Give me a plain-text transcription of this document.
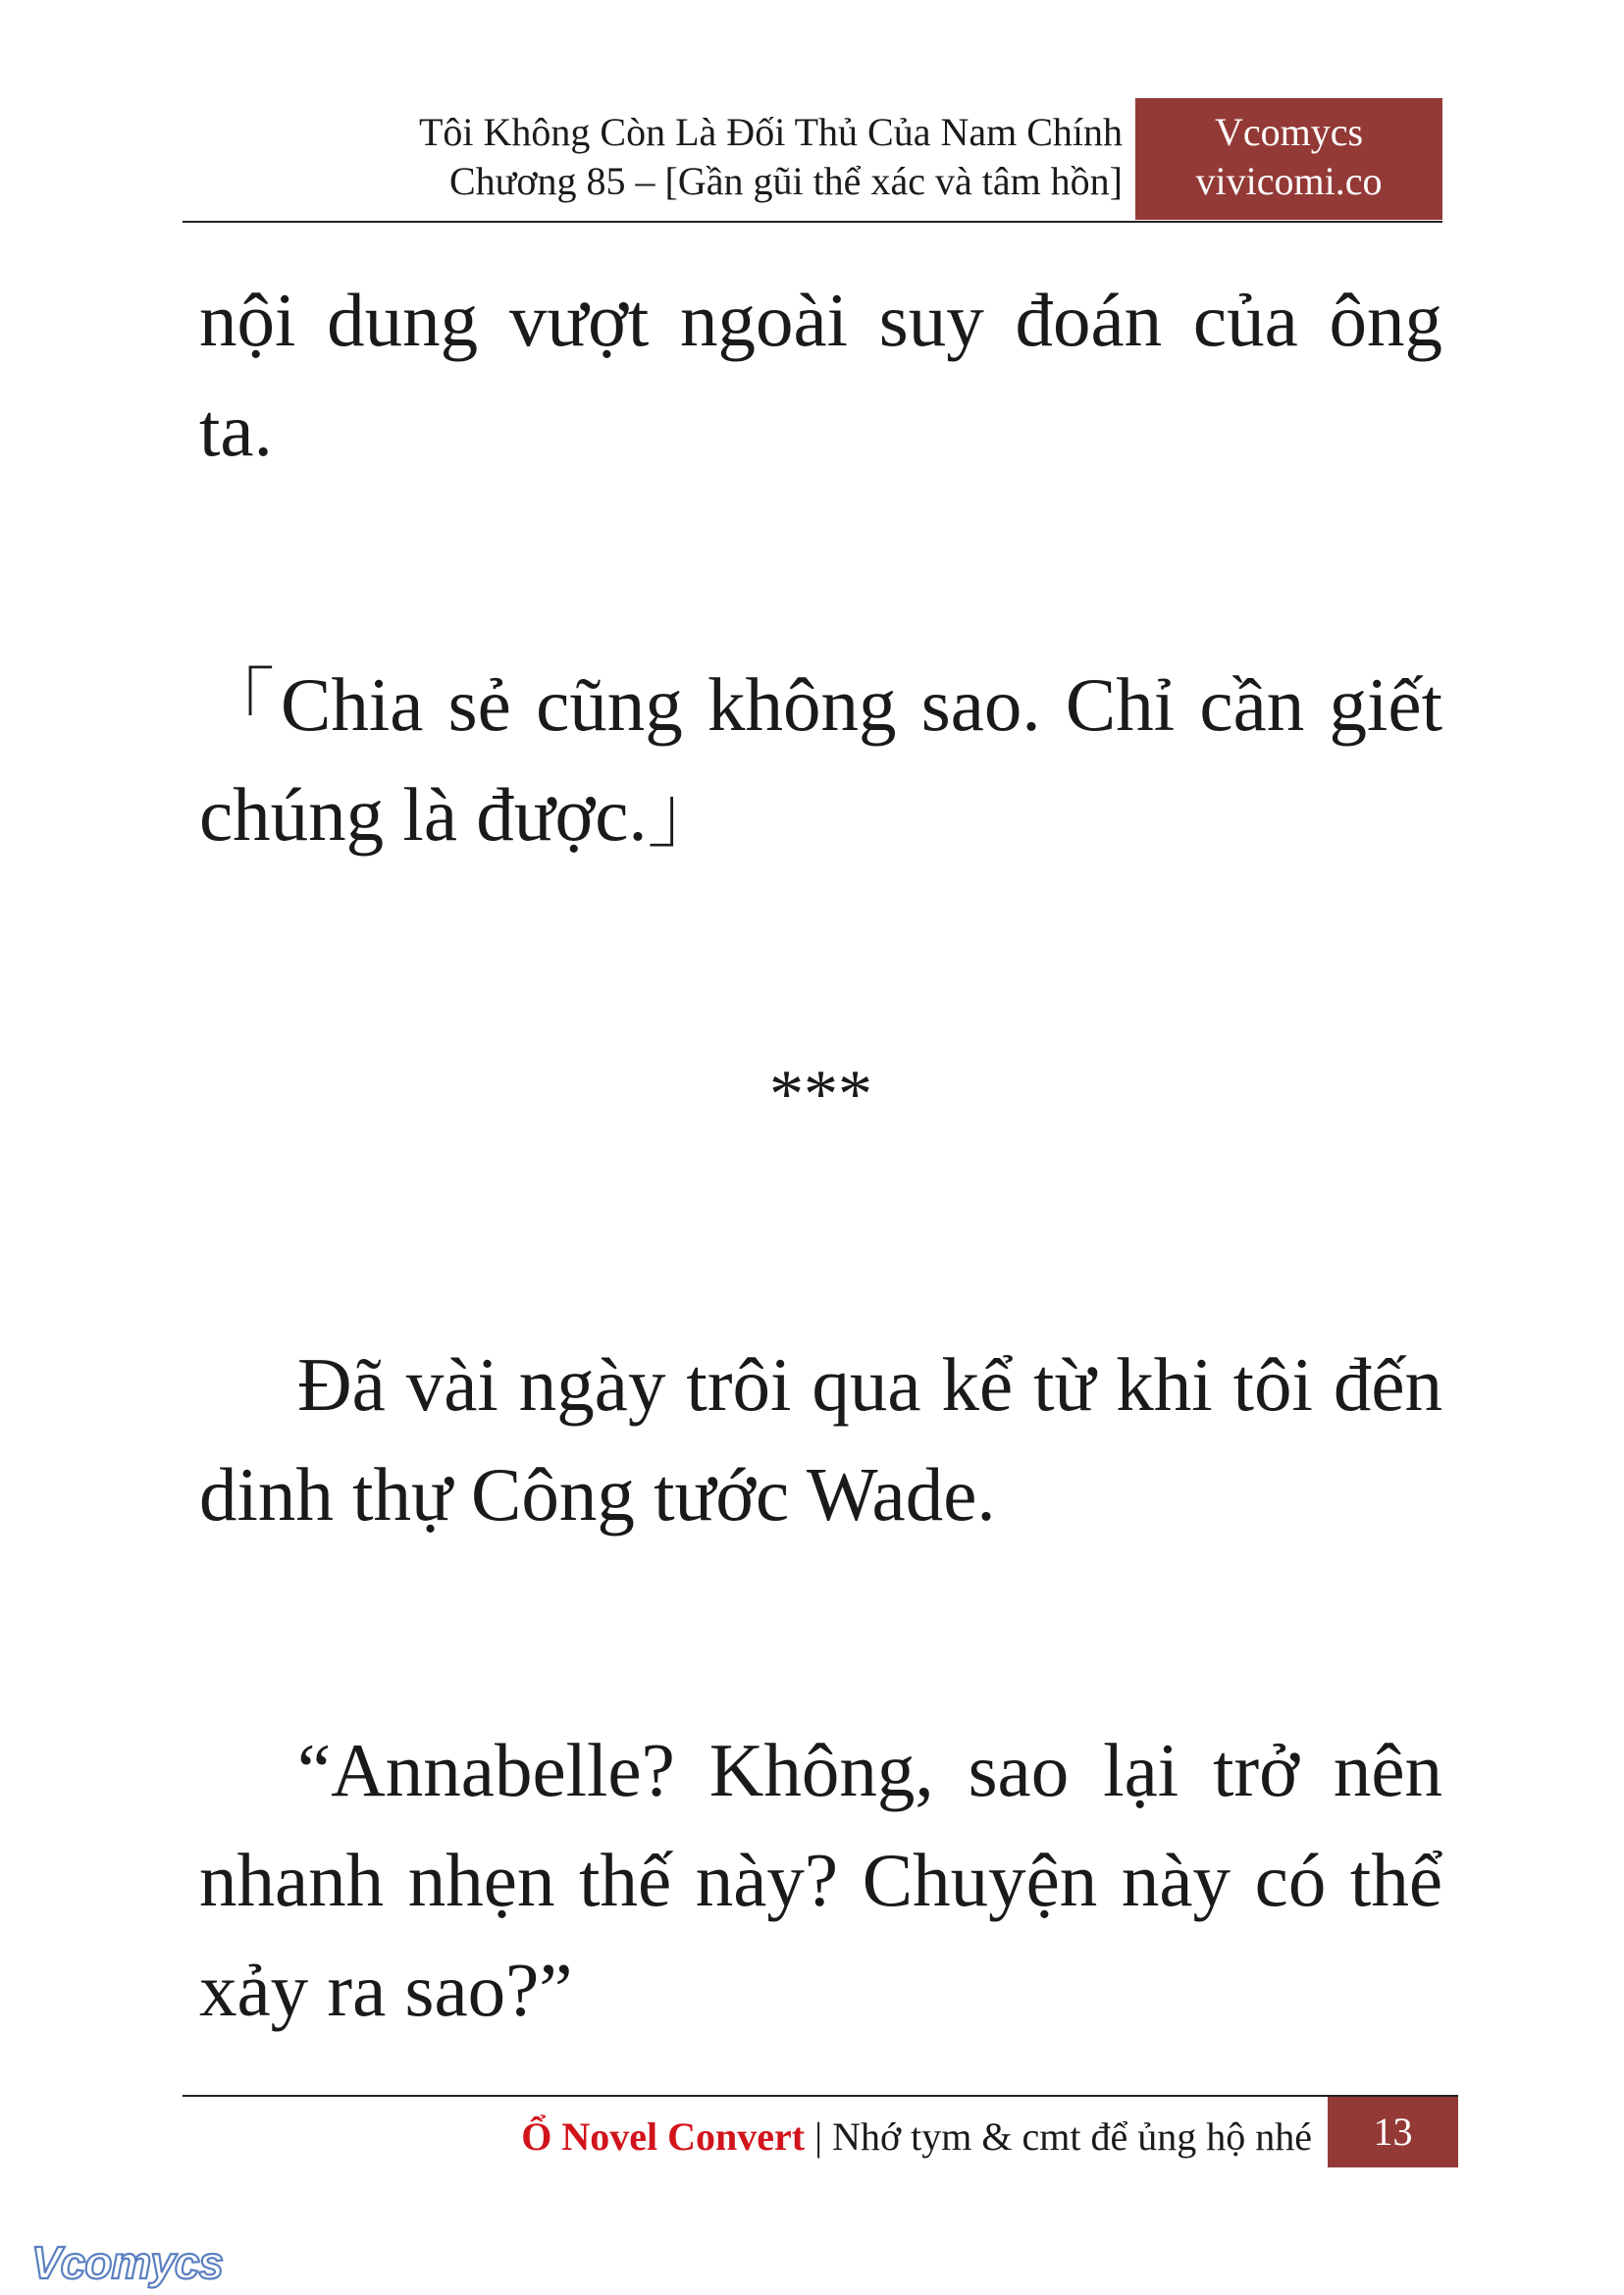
Tôi Không Còn Là Đối Thủ Của Nam Chính
Chương 85 – [Gần gũi thể xác và tâm hồn]
Vcomycs
vivicomi.co

nội dung vượt ngoài suy đoán của ông ta.

「Chia sẻ cũng không sao. Chỉ cần giết chúng là được.」

***

Đã vài ngày trôi qua kể từ khi tôi đến dinh thự Công tước Wade.

“Annabelle? Không, sao lại trở nên nhanh nhẹn thế này? Chuyện này có thể xảy ra sao?”

Ổ Novel Convert | Nhớ tym & cmt để ủng hộ nhé	13
Vcomycs
